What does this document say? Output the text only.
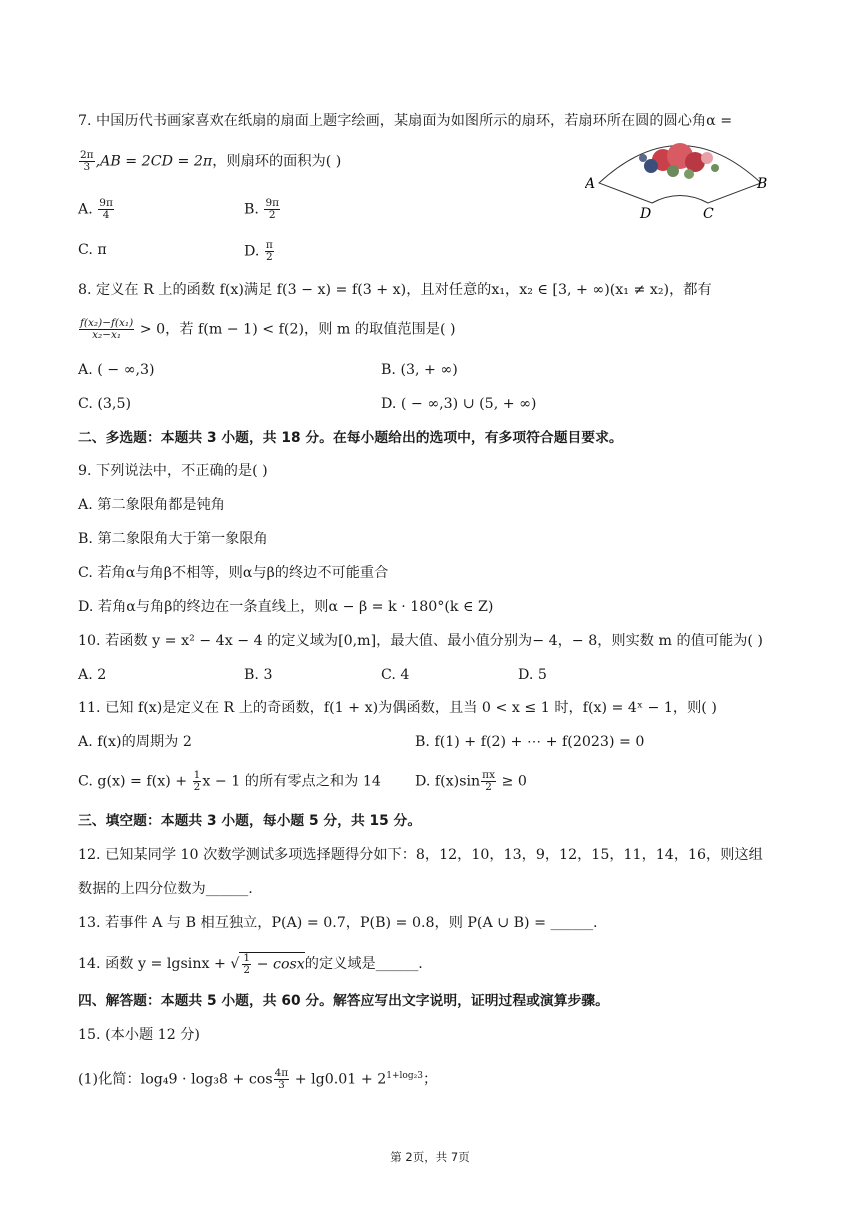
7. 中国历代书画家喜欢在纸扇的扇面上题字绘画，某扇面为如图所示的扇环，若扇环所在圆的圆心角α =
$\frac{2\pi}{3} ,AB = 2CD = 2\pi$，则扇环的面积为( )
A. $\frac{9\pi}{4}$	B. $\frac{9\pi}{2}$
C. π	D. $\frac{\pi}{2}$
A	B
D	C
8. 定义在 R 上的函数 f(x)满足 f(3 − x) = f(3 + x)，且对任意的x₁，x₂ ∈ [3, + ∞)(x₁ ≠ x₂)，都有
$\frac{\text{f(x₂)−f(x₁)}}{\text{x₂−x₁}} > 0$，若 f(m − 1) < f(2)，则 m 的取值范围是( )
A. ( − ∞,3)	B. (3, + ∞)
C. (3,5)	D. ( − ∞,3) ∪ (5, + ∞)
二、多选题：本题共 3 小题，共 18 分。在每小题给出的选项中，有多项符合题目要求。
9. 下列说法中，不正确的是( )
A. 第二象限角都是钝角
B. 第二象限角大于第一象限角
C. 若角α与角β不相等，则α与β的终边不可能重合
D. 若角α与角β的终边在一条直线上，则α − β = k · 180°(k ∈ Z)
10. 若函数 y = x² − 4x − 4 的定义域为[0,m]，最大值、最小值分别为− 4，− 8，则实数 m 的值可能为( )
A. 2	B. 3	C. 4	D. 5
11. 已知 f(x)是定义在 R 上的奇函数，f(1 + x)为偶函数，且当 0 < x ≤ 1 时，f(x) = 4ˣ − 1，则( )
A. f(x)的周期为 2	B. f(1) + f(2) + ⋯ + f(2023) = 0
C. $g(x) = f(x) + \frac{1}{2}$ x − 1 的所有零点之和为 14 D. $f(x)\sin \frac{\pi x}{2} \ge 0$
三、填空题：本题共 3 小题，每小题 5 分，共 15 分。
12. 已知某同学 10 次数学测试多项选择题得分如下：8，12，10，13，9，12，15，11，14，16，则这组
数据的上四分位数为______.
13. 若事件 A 与 B 相互独立，P(A) = 0.7，P(B) = 0.8，则 P(A ∪ B) = ______.
14. 函数 y = lgsinx + √ $\frac{1}{2} - \cos x$的定义域是______.
四、解答题：本题共 5 小题，共 60 分。解答应写出文字说明，证明过程或演算步骤。
15. (本小题 12 分)
(1)化简：$\log_49 \cdot \log_38 + \cos \frac{4\pi}{3} + \lg 0.01 + 2^{1+log_23}$；
第 2页，共 7页
